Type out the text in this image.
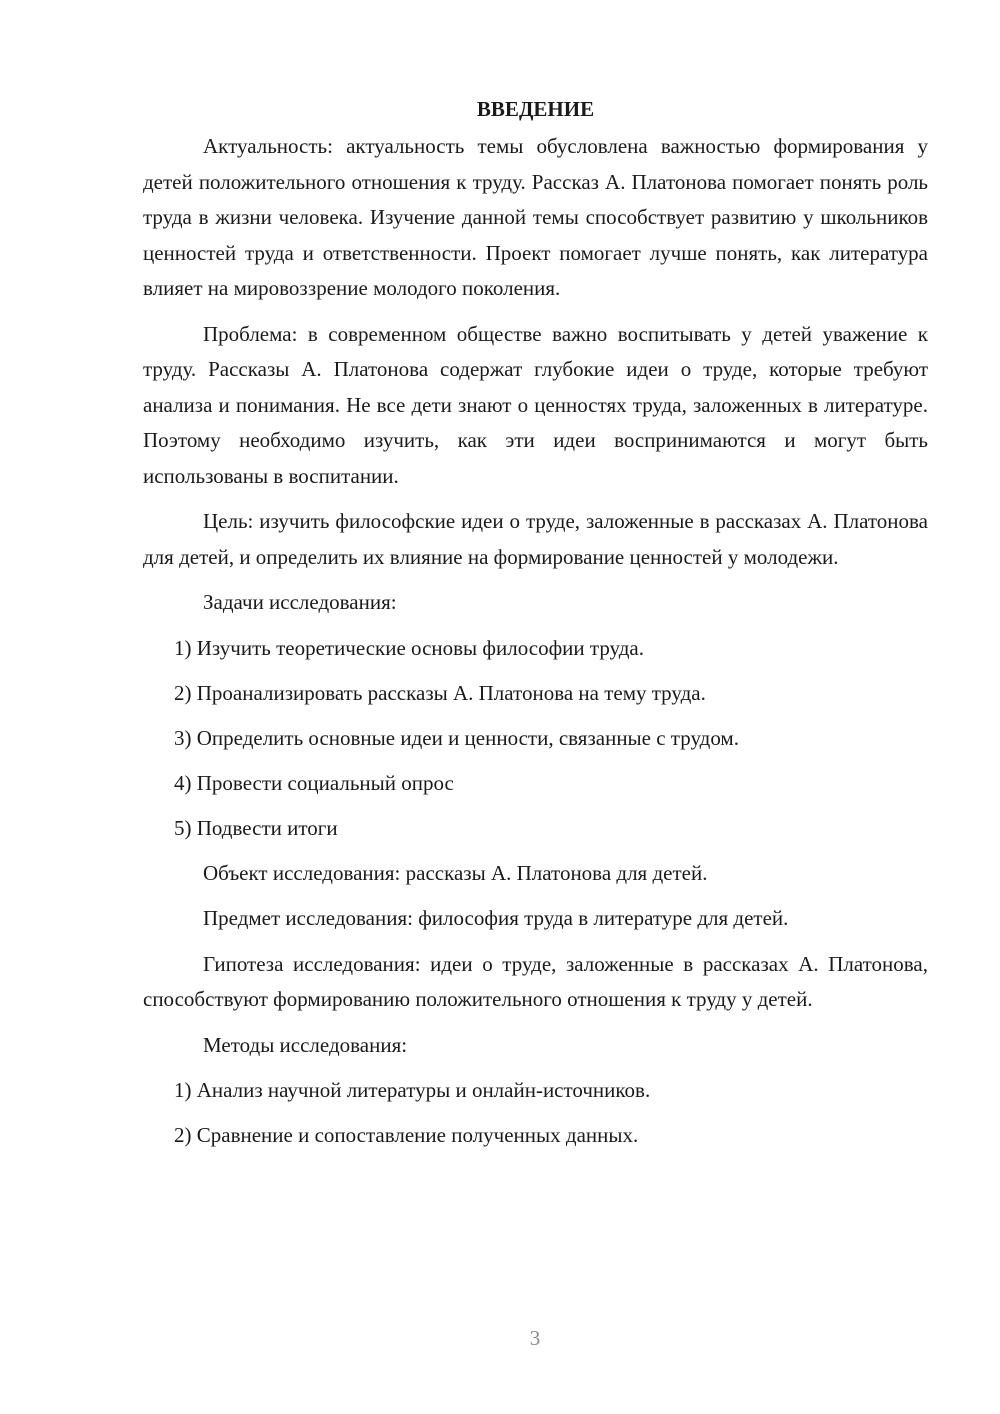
ВВЕДЕНИЕ
Актуальность: актуальность темы обусловлена важностью формирования у детей положительного отношения к труду. Рассказ А. Платонова помогает понять роль труда в жизни человека. Изучение данной темы способствует развитию у школьников ценностей труда и ответственности. Проект помогает лучше понять, как литература влияет на мировоззрение молодого поколения.
Проблема: в современном обществе важно воспитывать у детей уважение к труду. Рассказы А. Платонова содержат глубокие идеи о труде, которые требуют анализа и понимания. Не все дети знают о ценностях труда, заложенных в литературе. Поэтому необходимо изучить, как эти идеи воспринимаются и могут быть использованы в воспитании.
Цель: изучить философские идеи о труде, заложенные в рассказах А. Платонова для детей, и определить их влияние на формирование ценностей у молодежи.
Задачи исследования:
1) Изучить теоретические основы философии труда.
2) Проанализировать рассказы А. Платонова на тему труда.
3) Определить основные идеи и ценности, связанные с трудом.
4) Провести социальный опрос
5) Подвести итоги
Объект исследования: рассказы А. Платонова для детей.
Предмет исследования: философия труда в литературе для детей.
Гипотеза исследования: идеи о труде, заложенные в рассказах А. Платонова, способствуют формированию положительного отношения к труду у детей.
Методы исследования:
1) Анализ научной литературы и онлайн-источников.
2) Сравнение и сопоставление полученных данных.
3
